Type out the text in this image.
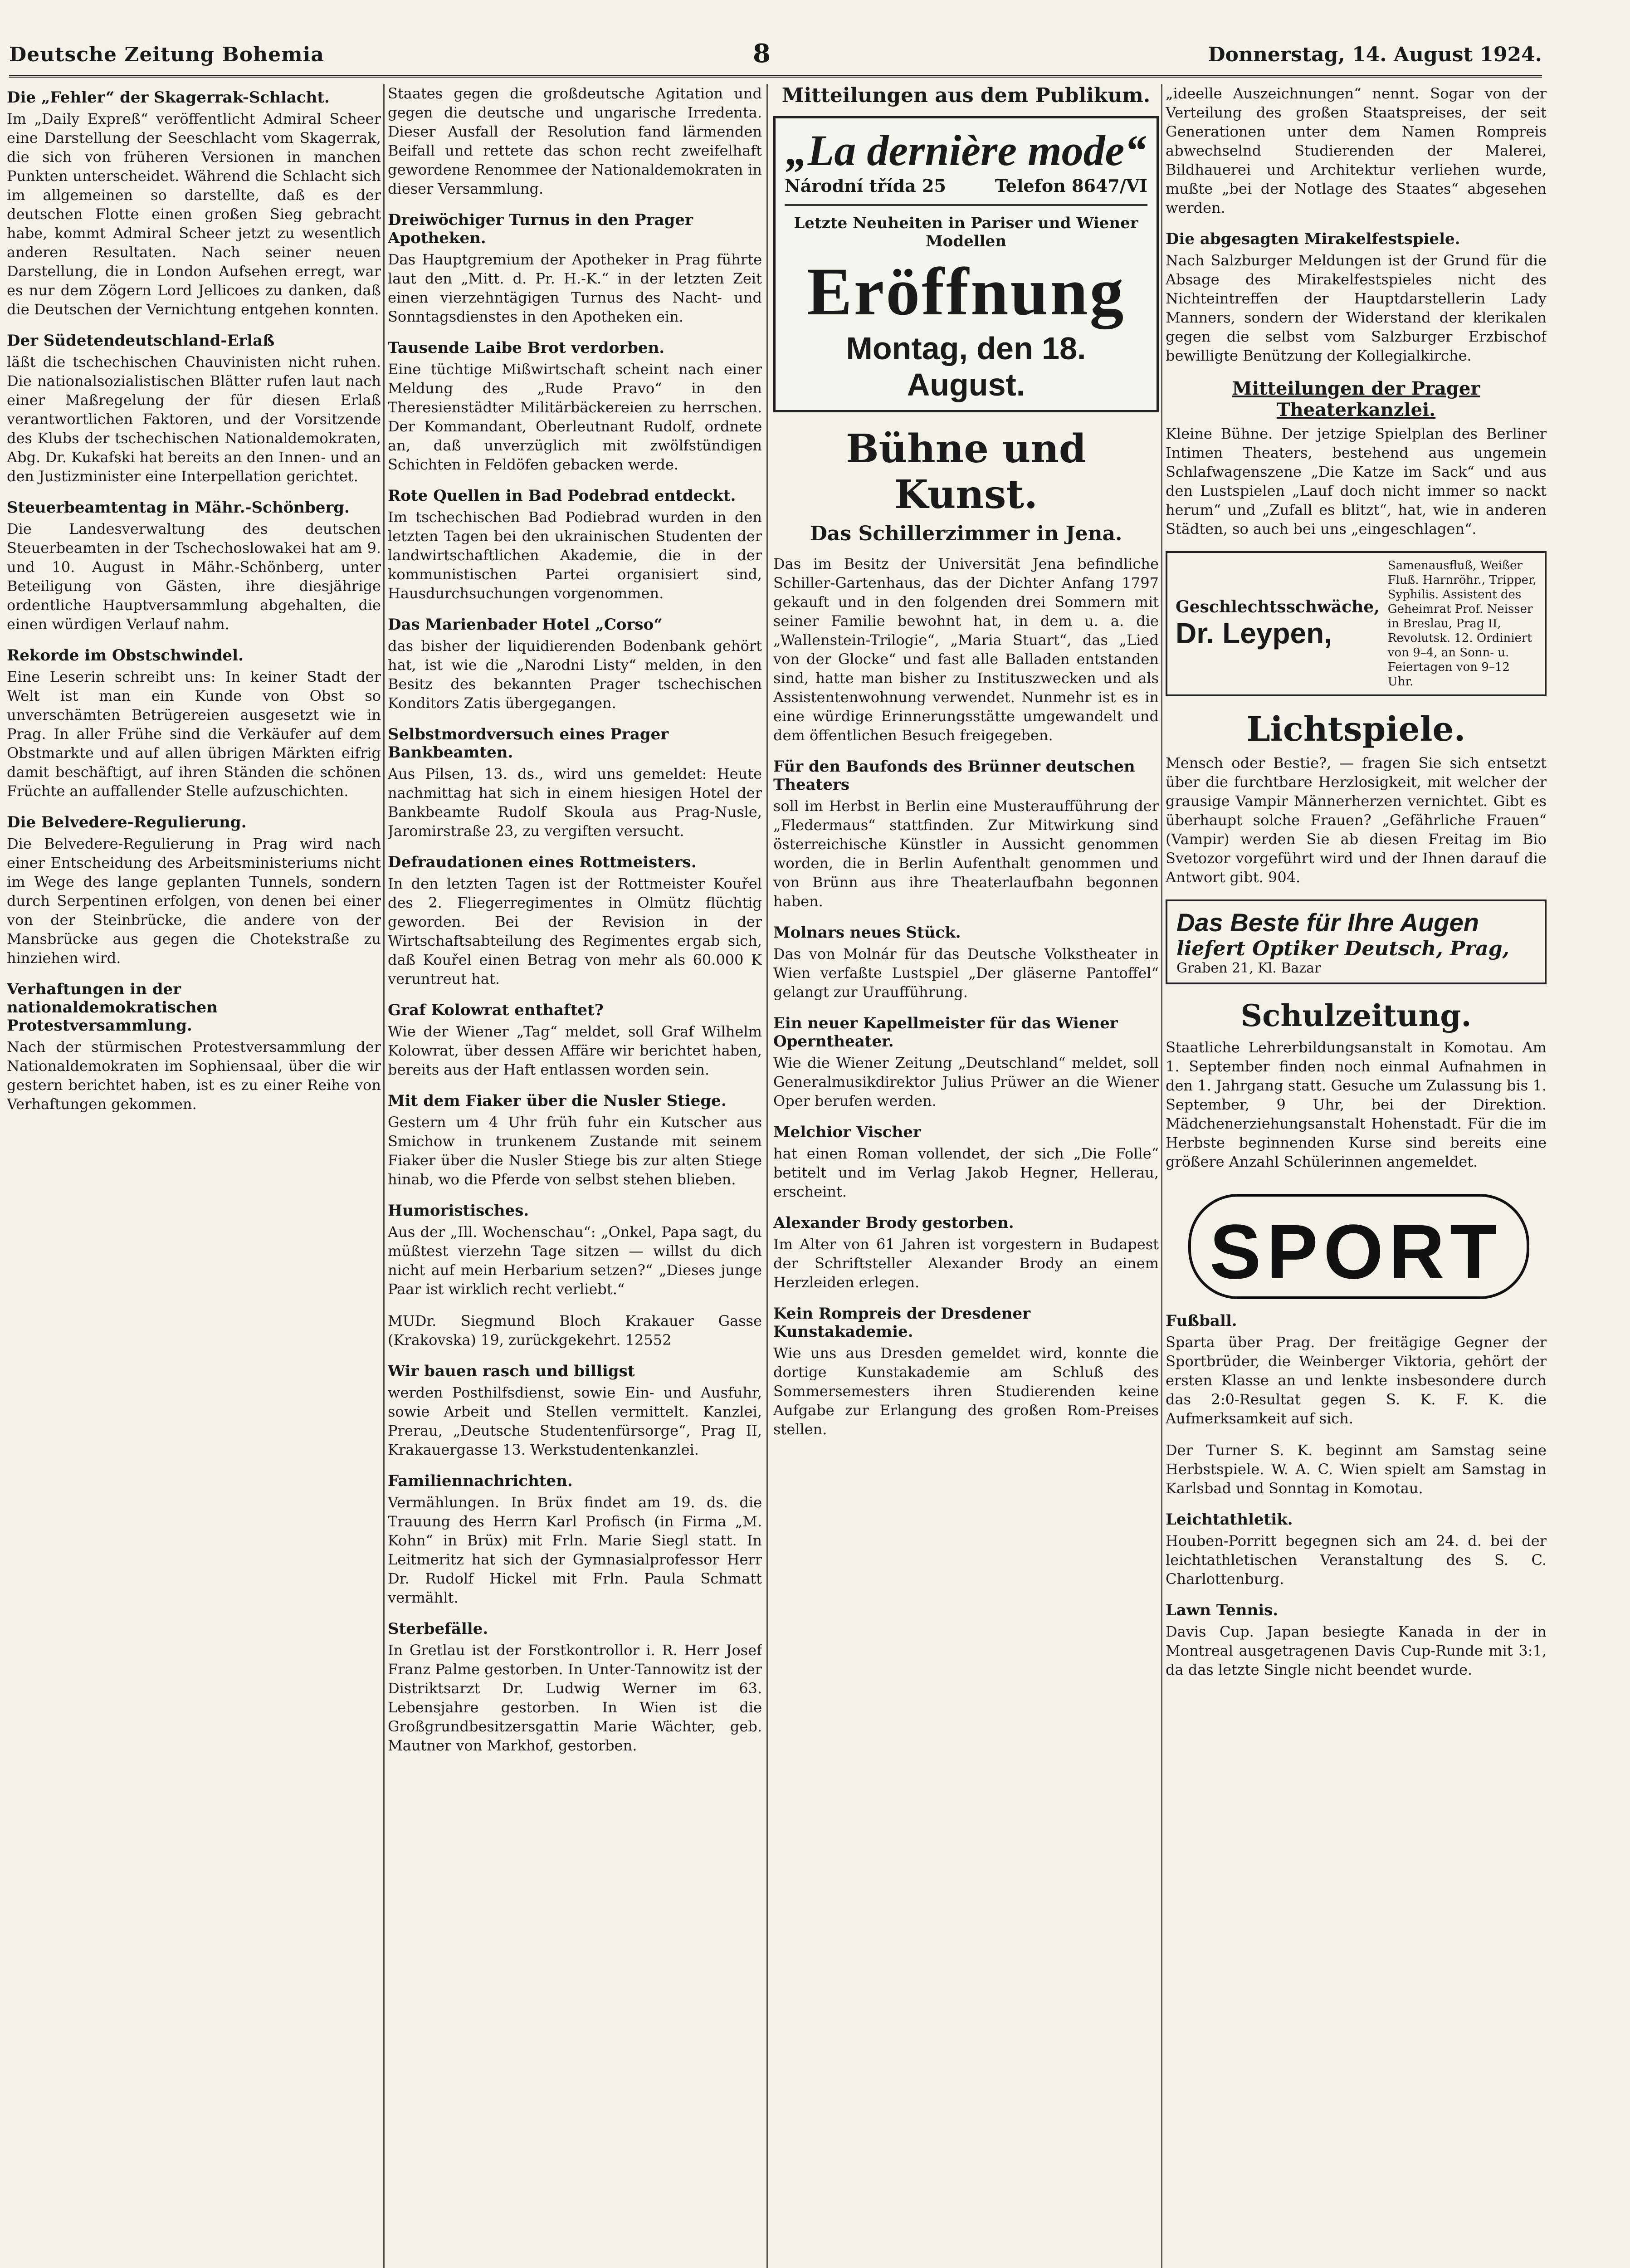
Deutsche Zeitung Bohemia	8	Donnerstag, 14. August 1924.
Die „Fehler“ der Skagerrak-Schlacht.

Im „Daily Expreß“ veröffentlicht Admiral Scheer eine Darstellung der Seeschlacht vom Skagerrak, die sich von früheren Versionen in manchen Punkten unterscheidet. Während die Schlacht sich im allgemeinen so darstellte, daß es der deutschen Flotte einen großen Sieg gebracht habe, kommt Admiral Scheer jetzt zu wesentlich anderen Resultaten. Nach seiner neuen Darstellung, die in London Aufsehen erregt, war es nur dem Zögern Lord Jellicoes zu danken, daß die Deutschen der Vernichtung entgehen konnten.

Der Südetendeutschland-Erlaß

läßt die tschechischen Chauvinisten nicht ruhen. Die nationalsozialistischen Blätter rufen laut nach einer Maßregelung der für diesen Erlaß verantwortlichen Faktoren, und der Vorsitzende des Klubs der tschechischen Nationaldemokraten, Abg. Dr. Kukafski hat bereits an den Innen- und an den Justizminister eine Interpellation gerichtet.

Steuerbeamtentag in Mähr.-Schönberg.

Die Landesverwaltung des deutschen Steuerbeamten in der Tschechoslowakei hat am 9. und 10. August in Mähr.-Schönberg, unter Beteiligung von Gästen, ihre diesjährige ordentliche Hauptversammlung abgehalten, die einen würdigen Verlauf nahm.

Rekorde im Obstschwindel.

Eine Leserin schreibt uns: In keiner Stadt der Welt ist man ein Kunde von Obst so unverschämten Betrügereien ausgesetzt wie in Prag. In aller Frühe sind die Verkäufer auf dem Obstmarkte und auf allen übrigen Märkten eifrig damit beschäftigt, auf ihren Ständen die schönen Früchte an auffallender Stelle aufzuschichten.

Die Belvedere-Regulierung.

Die Belvedere-Regulierung in Prag wird nach einer Entscheidung des Arbeitsministeriums nicht im Wege des lange geplanten Tunnels, sondern durch Serpentinen erfolgen, von denen bei einer von der Steinbrücke, die andere von der Mansbrücke aus gegen die Chotekstraße zu hinziehen wird.

Verhaftungen in der nationaldemokratischen Protestversammlung.

Nach der stürmischen Protestversammlung der Nationaldemokraten im Sophiensaal, über die wir gestern berichtet haben, ist es zu einer Reihe von Verhaftungen gekommen.

Staates gegen die großdeutsche Agitation und gegen die deutsche und ungarische Irredenta. Dieser Ausfall der Resolution fand lärmenden Beifall und rettete das schon recht zweifelhaft gewordene Renommee der Nationaldemokraten in dieser Versammlung.

Dreiwöchiger Turnus in den Prager Apotheken.

Das Hauptgremium der Apotheker in Prag führte laut den „Mitt. d. Pr. H.-K.“ in der letzten Zeit einen vierzehntägigen Turnus des Nacht- und Sonntagsdienstes in den Apotheken ein.

Tausende Laibe Brot verdorben.

Eine tüchtige Mißwirtschaft scheint nach einer Meldung des „Rude Pravo“ in den Theresienstädter Militärbäckereien zu herrschen. Der Kommandant, Oberleutnant Rudolf, ordnete an, daß unverzüglich mit zwölfstündigen Schichten in Feldöfen gebacken werde.

Rote Quellen in Bad Podebrad entdeckt.

Im tschechischen Bad Podiebrad wurden in den letzten Tagen bei den ukrainischen Studenten der landwirtschaftlichen Akademie, die in der kommunistischen Partei organisiert sind, Hausdurchsuchungen vorgenommen.

Das Marienbader Hotel „Corso“

das bisher der liquidierenden Bodenbank gehört hat, ist wie die „Narodni Listy“ melden, in den Besitz des bekannten Prager tschechischen Konditors Zatis übergegangen.

Selbstmordversuch eines Prager Bankbeamten.

Aus Pilsen, 13. ds., wird uns gemeldet: Heute nachmittag hat sich in einem hiesigen Hotel der Bankbeamte Rudolf Skoula aus Prag-Nusle, Jaromirstraße 23, zu vergiften versucht.

Defraudationen eines Rottmeisters.

In den letzten Tagen ist der Rottmeister Kouřel des 2. Fliegerregimentes in Olmütz flüchtig geworden. Bei der Revision in der Wirtschaftsabteilung des Regimentes ergab sich, daß Kouřel einen Betrag von mehr als 60.000 K veruntreut hat.

Graf Kolowrat enthaftet?

Wie der Wiener „Tag“ meldet, soll Graf Wilhelm Kolowrat, über dessen Affäre wir berichtet haben, bereits aus der Haft entlassen worden sein.

Mit dem Fiaker über die Nusler Stiege.

Gestern um 4 Uhr früh fuhr ein Kutscher aus Smichow in trunkenem Zustande mit seinem Fiaker über die Nusler Stiege bis zur alten Stiege hinab, wo die Pferde von selbst stehen blieben.

Humoristisches.

Aus der „Ill. Wochenschau“: „Onkel, Papa sagt, du müßtest vierzehn Tage sitzen — willst du dich nicht auf mein Herbarium setzen?“ „Dieses junge Paar ist wirklich recht verliebt.“

MUDr. Siegmund Bloch Krakauer Gasse (Krakovska) 19, zurückgekehrt. 12552

Wir bauen rasch und billigst

werden Posthilfsdienst, sowie Ein- und Ausfuhr, sowie Arbeit und Stellen vermittelt. Kanzlei, Prerau, „Deutsche Studentenfürsorge“, Prag II, Krakauergasse 13. Werkstudentenkanzlei.

Familiennachrichten.

Vermählungen. In Brüx findet am 19. ds. die Trauung des Herrn Karl Profisch (in Firma „M. Kohn“ in Brüx) mit Frln. Marie Siegl statt. In Leitmeritz hat sich der Gymnasialprofessor Herr Dr. Rudolf Hickel mit Frln. Paula Schmatt vermählt.

Sterbefälle.

In Gretlau ist der Forstkontrollor i. R. Herr Josef Franz Palme gestorben. In Unter-Tannowitz ist der Distriktsarzt Dr. Ludwig Werner im 63. Lebensjahre gestorben. In Wien ist die Großgrundbesitzersgattin Marie Wächter, geb. Mautner von Markhof, gestorben.

Mitteilungen aus dem Publikum.
„La dernière mode“
Národní třída 25	Telefon 8647/VI
Letzte Neuheiten in Pariser und Wiener Modellen
Eröffnung
Montag, den 18. August.
Bühne und Kunst.
Das Schillerzimmer in Jena.

Das im Besitz der Universität Jena befindliche Schiller-Gartenhaus, das der Dichter Anfang 1797 gekauft und in den folgenden drei Sommern mit seiner Familie bewohnt hat, in dem u. a. die „Wallenstein-Trilogie“, „Maria Stuart“, das „Lied von der Glocke“ und fast alle Balladen entstanden sind, hatte man bisher zu Instituszwecken und als Assistentenwohnung verwendet. Nunmehr ist es in eine würdige Erinnerungsstätte umgewandelt und dem öffentlichen Besuch freigegeben.

Für den Baufonds des Brünner deutschen Theaters

soll im Herbst in Berlin eine Musteraufführung der „Fledermaus“ stattfinden. Zur Mitwirkung sind österreichische Künstler in Aussicht genommen worden, die in Berlin Aufenthalt genommen und von Brünn aus ihre Theaterlaufbahn begonnen haben.

Molnars neues Stück.

Das von Molnár für das Deutsche Volkstheater in Wien verfaßte Lustspiel „Der gläserne Pantoffel“ gelangt zur Uraufführung.

Ein neuer Kapellmeister für das Wiener Operntheater.

Wie die Wiener Zeitung „Deutschland“ meldet, soll Generalmusikdirektor Julius Prüwer an die Wiener Oper berufen werden.

Melchior Vischer

hat einen Roman vollendet, der sich „Die Folle“ betitelt und im Verlag Jakob Hegner, Hellerau, erscheint.

Alexander Brody gestorben.

Im Alter von 61 Jahren ist vorgestern in Budapest der Schriftsteller Alexander Brody an einem Herzleiden erlegen.

Kein Rompreis der Dresdener Kunstakademie.

Wie uns aus Dresden gemeldet wird, konnte die dortige Kunstakademie am Schluß des Sommersemesters ihren Studierenden keine Aufgabe zur Erlangung des großen Rom-Preises stellen.

„ideelle Auszeichnungen“ nennt. Sogar von der Verteilung des großen Staatspreises, der seit Generationen unter dem Namen Rompreis abwechselnd Studierenden der Malerei, Bildhauerei und Architektur verliehen wurde, mußte „bei der Notlage des Staates“ abgesehen werden.

Die abgesagten Mirakelfestspiele.

Nach Salzburger Meldungen ist der Grund für die Absage des Mirakelfestspieles nicht des Nichteintreffen der Hauptdarstellerin Lady Manners, sondern der Widerstand der klerikalen gegen die selbst vom Salzburger Erzbischof bewilligte Benützung der Kollegialkirche.

Mitteilungen der Prager Theaterkanzlei.

Kleine Bühne. Der jetzige Spielplan des Berliner Intimen Theaters, bestehend aus ungemein Schlafwagenszene „Die Katze im Sack“ und aus den Lustspielen „Lauf doch nicht immer so nackt herum“ und „Zufall es blitzt“, hat, wie in anderen Städten, so auch bei uns „eingeschlagen“.

Geschlechtsschwäche,
Dr. Leypen,
Samenausfluß, Weißer Fluß. Harnröhr., Tripper, Syphilis. Assistent des Geheimrat Prof. Neisser in Breslau, Prag II, Revolutsk. 12. Ordiniert von 9–4, an Sonn- u. Feiertagen von 9–12 Uhr.
Lichtspiele.

Mensch oder Bestie?, — fragen Sie sich entsetzt über die furchtbare Herzlosigkeit, mit welcher der grausige Vampir Männerherzen vernichtet. Gibt es überhaupt solche Frauen? „Gefährliche Frauen“ (Vampir) werden Sie ab diesen Freitag im Bio Svetozor vorgeführt wird und der Ihnen darauf die Antwort gibt. 904.

Das Beste für Ihre Augen
liefert Optiker Deutsch, Prag,
Graben 21, Kl. Bazar
Schulzeitung.

Staatliche Lehrerbildungsanstalt in Komotau. Am 1. September finden noch einmal Aufnahmen in den 1. Jahrgang statt. Gesuche um Zulassung bis 1. September, 9 Uhr, bei der Direktion. Mädchenerziehungsanstalt Hohenstadt. Für die im Herbste beginnenden Kurse sind bereits eine größere Anzahl Schülerinnen angemeldet.

SPORT
Fußball.

Sparta über Prag. Der freitägige Gegner der Sportbrüder, die Weinberger Viktoria, gehört der ersten Klasse an und lenkte insbesondere durch das 2:0-Resultat gegen S. K. F. K. die Aufmerksamkeit auf sich.

Der Turner S. K. beginnt am Samstag seine Herbstspiele. W. A. C. Wien spielt am Samstag in Karlsbad und Sonntag in Komotau.

Leichtathletik.

Houben-Porritt begegnen sich am 24. d. bei der leichtathletischen Veranstaltung des S. C. Charlottenburg.

Lawn Tennis.

Davis Cup. Japan besiegte Kanada in der in Montreal ausgetragenen Davis Cup-Runde mit 3:1, da das letzte Single nicht beendet wurde.
